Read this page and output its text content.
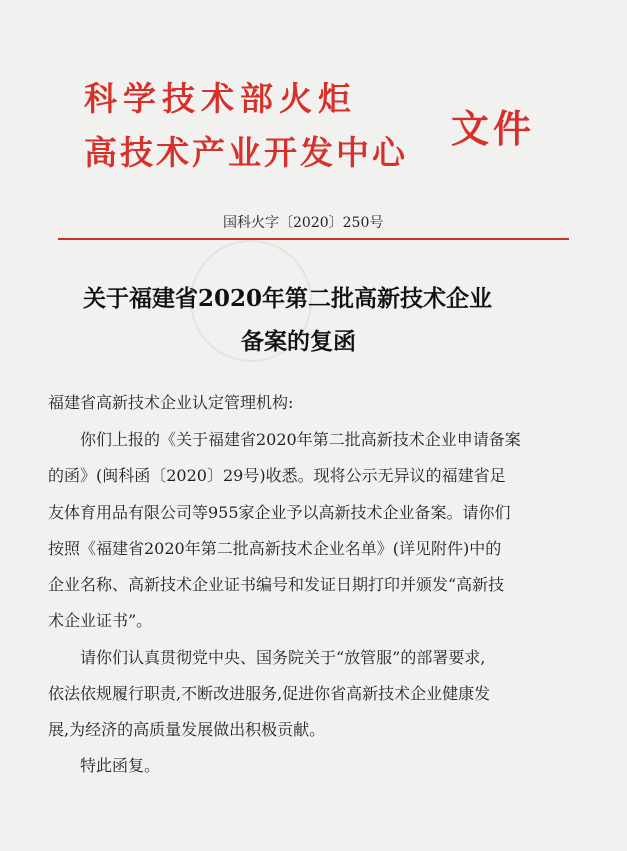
科学技术部火炬
高技术产业开发中心
文件
国科火字〔2020〕250号
关于福建省2020年第二批高新技术企业
备案的复函
福建省高新技术企业认定管理机构:
你们上报的《关于福建省2020年第二批高新技术企业申请备案
的函》(闽科函〔2020〕29号)收悉。现将公示无异议的福建省足
友体育用品有限公司等955家企业予以高新技术企业备案。请你们
按照《福建省2020年第二批高新技术企业名单》(详见附件)中的
企业名称、高新技术企业证书编号和发证日期打印并颁发“高新技
术企业证书”。
请你们认真贯彻党中央、国务院关于“放管服”的部署要求,
依法依规履行职责,不断改进服务,促进你省高新技术企业健康发
展,为经济的高质量发展做出积极贡献。
特此函复。
